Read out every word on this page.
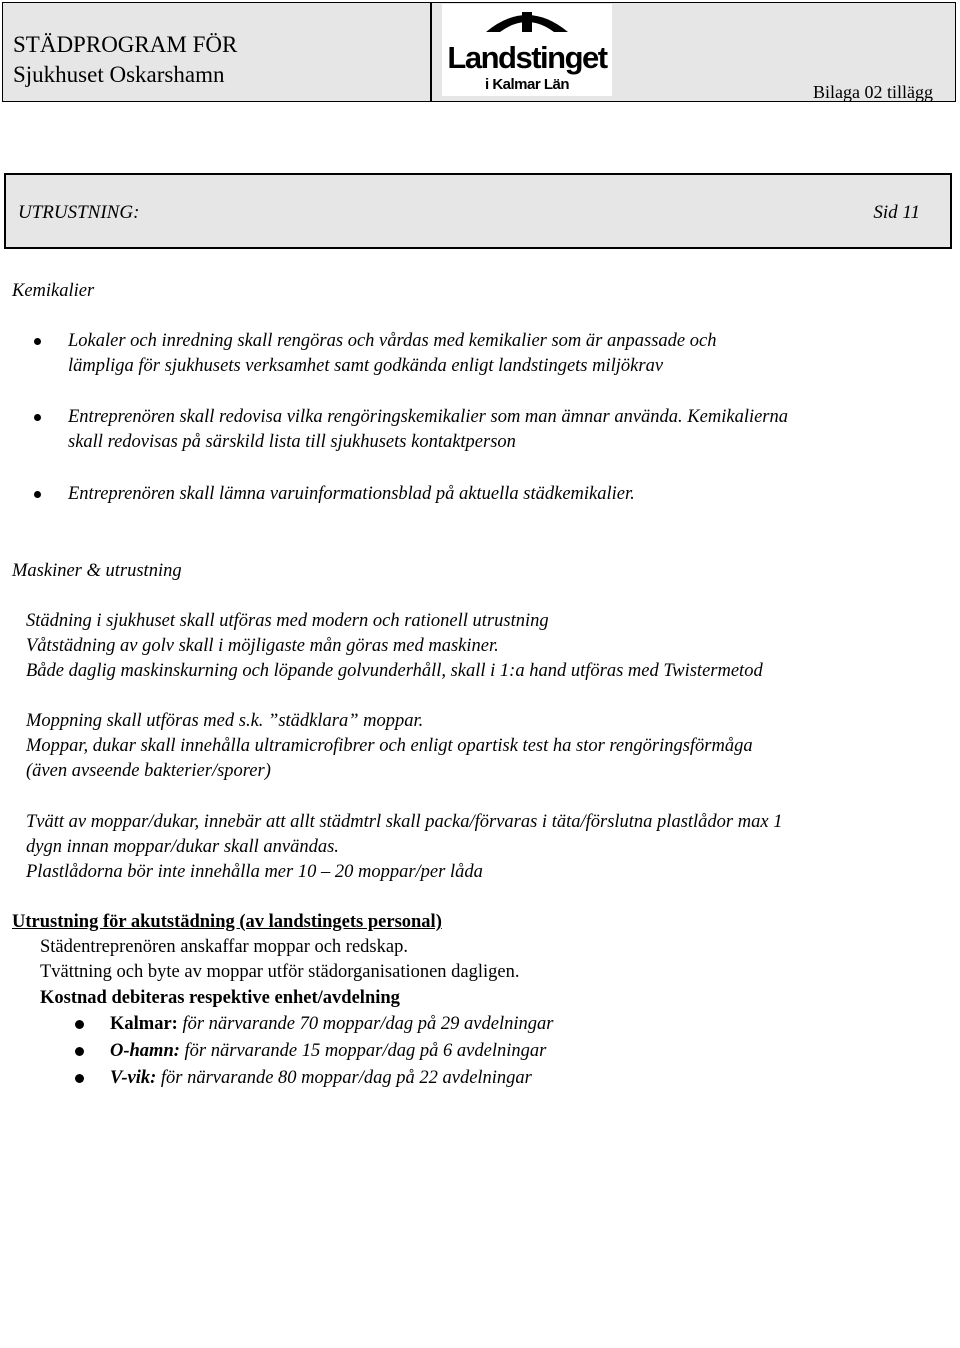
STÄDPROGRAM FÖR
Sjukhuset Oskarshamn	Landstinget
i Kalmar Län	Bilaga 02 tillägg
UTRUSTNING:	Sid 11
Kemikalier
Lokaler och inredning skall rengöras och vårdas med kemikalier som är anpassade och
lämpliga för sjukhusets verksamhet samt godkända enligt landstingets miljökrav
Entreprenören skall redovisa vilka rengöringskemikalier som man ämnar använda. Kemikalierna
skall redovisas på särskild lista till sjukhusets kontaktperson
Entreprenören skall lämna varuinformationsblad på aktuella städkemikalier.
Maskiner & utrustning
Städning i sjukhuset skall utföras med modern och rationell utrustning
Våtstädning av golv skall i möjligaste mån göras med maskiner.
Både daglig maskinskurning och löpande golvunderhåll, skall i 1:a hand utföras med Twistermetod
Moppning skall utföras med s.k. ”städklara” moppar.
Moppar, dukar skall innehålla ultramicrofibrer och enligt opartisk test ha stor rengöringsförmåga
(även avseende bakterier/sporer)
Tvätt av moppar/dukar, innebär att allt städmtrl skall packa/förvaras i täta/förslutna plastlådor max 1
dygn innan moppar/dukar skall användas.
Plastlådorna bör inte innehålla mer 10 – 20 moppar/per låda
Utrustning för akutstädning (av landstingets personal)
Städentreprenören anskaffar moppar och redskap.
Tvättning och byte av moppar utför städorganisationen dagligen.
Kostnad debiteras respektive enhet/avdelning
Kalmar: för närvarande 70 moppar/dag på 29 avdelningar
O-hamn: för närvarande 15 moppar/dag på 6 avdelningar
V-vik: för närvarande 80 moppar/dag på 22 avdelningar
